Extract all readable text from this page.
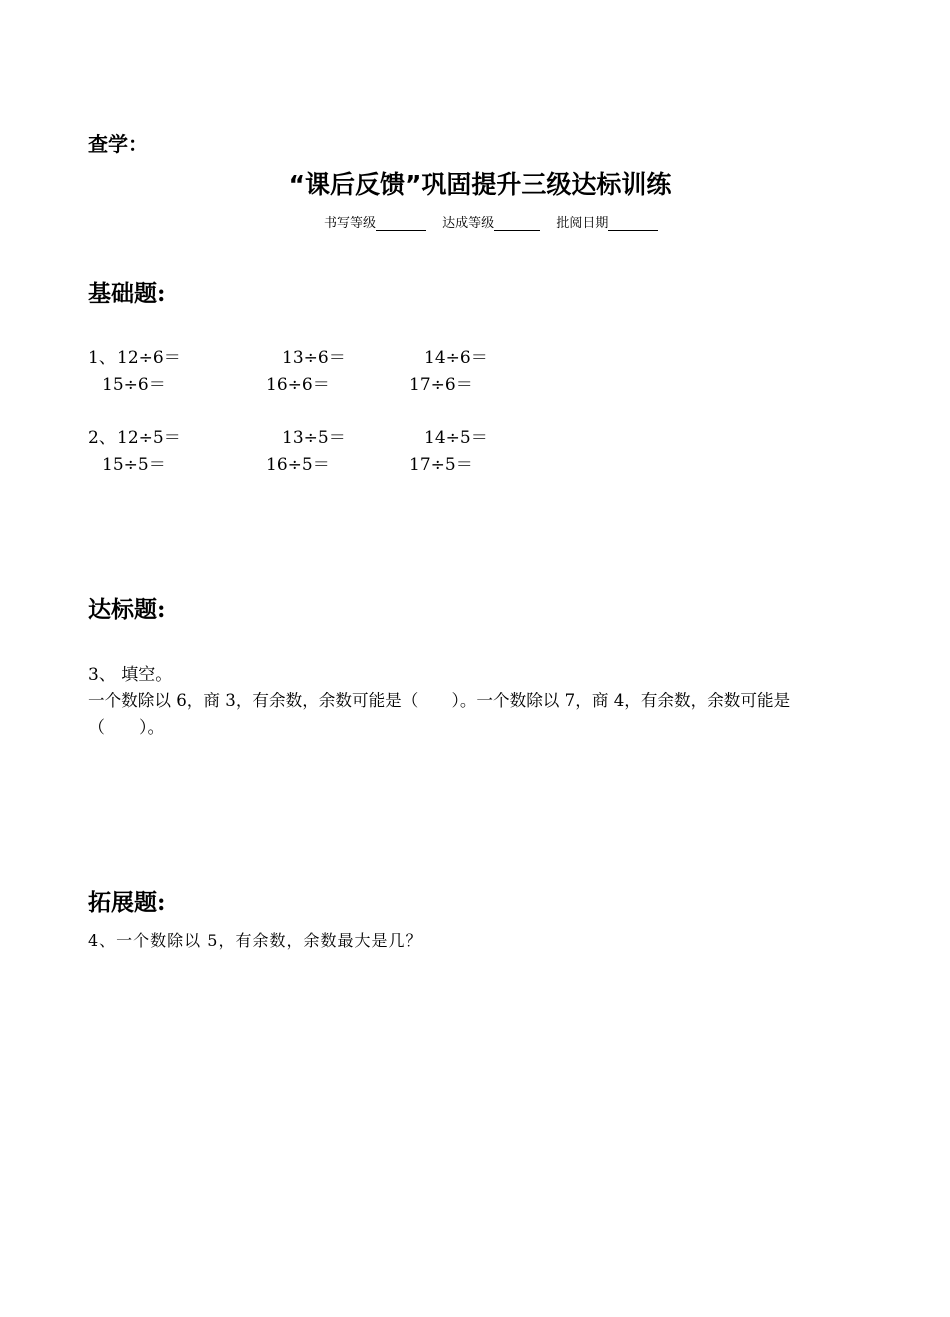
查学：
“课后反馈”巩固提升三级达标训练
书写等级	达成等级	批阅日期
基础题:
1、 12÷6＝	13÷6＝	14÷6＝
15÷6＝	16÷6＝	17÷6＝
2、 12÷5＝	13÷5＝	14÷5＝
15÷5＝	16÷5＝	17÷5＝
达标题:
3、 填空。
一个数除以 6，商 3，有余数，余数可能是（　　）。一个数除以 7，商 4，有余数，余数可能是
（　　）。
拓展题:
4、一个数除以 5，有余数，余数最大是几？
